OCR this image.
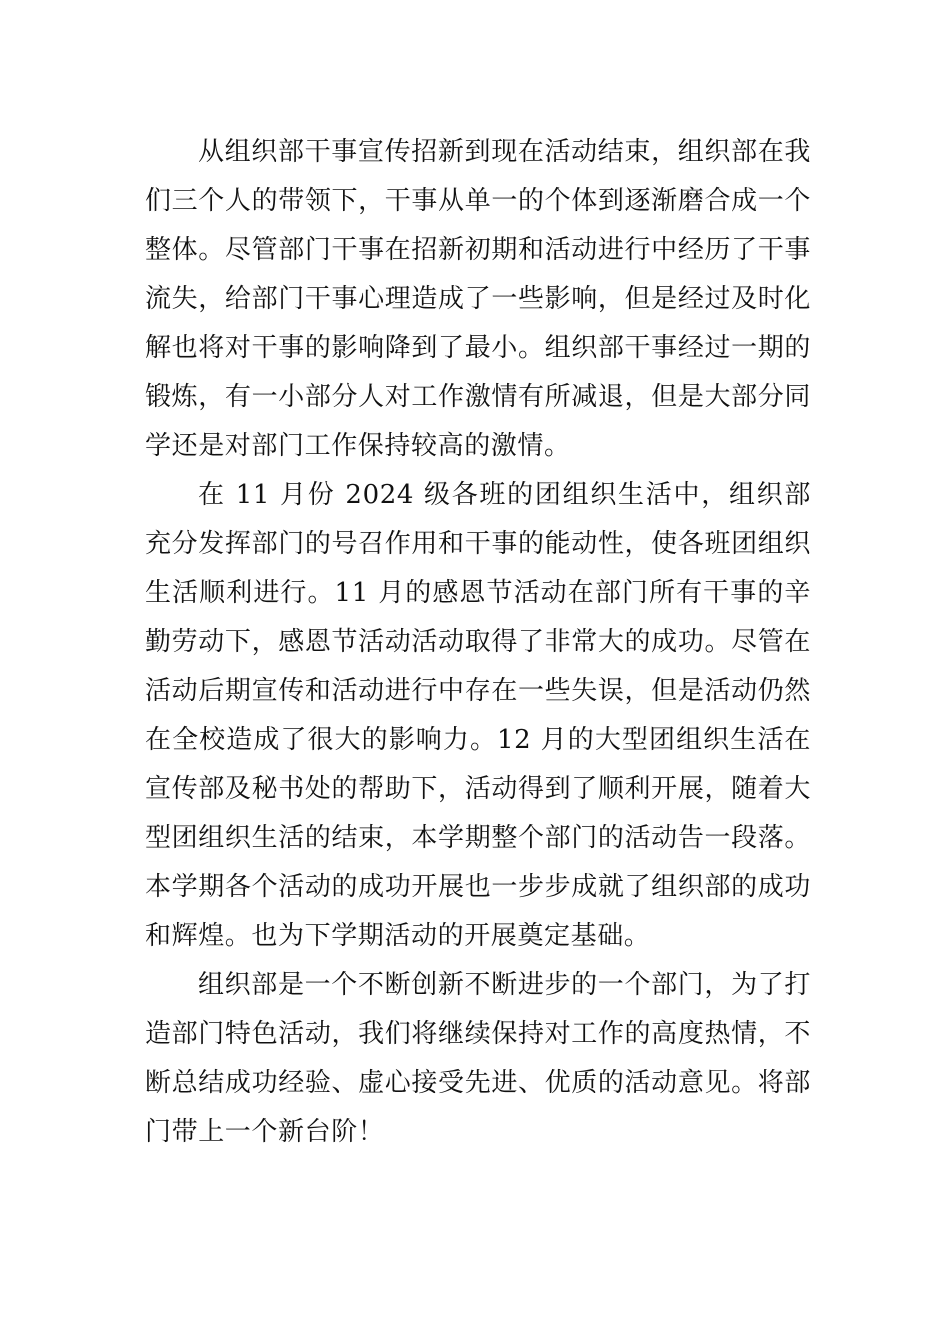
从组织部干事宣传招新到现在活动结束，组织部在我们三个人的带领下，干事从单一的个体到逐渐磨合成一个整体。尽管部门干事在招新初期和活动进行中经历了干事流失，给部门干事心理造成了一些影响，但是经过及时化解也将对干事的影响降到了最小。组织部干事经过一期的锻炼，有一小部分人对工作激情有所减退，但是大部分同学还是对部门工作保持较高的激情。

在 11 月份 2024 级各班的团组织生活中，组织部充分发挥部门的号召作用和干事的能动性，使各班团组织生活顺利进行。11 月的感恩节活动在部门所有干事的辛勤劳动下，感恩节活动活动取得了非常大的成功。尽管在活动后期宣传和活动进行中存在一些失误，但是活动仍然在全校造成了很大的影响力。12 月的大型团组织生活在宣传部及秘书处的帮助下，活动得到了顺利开展，随着大型团组织生活的结束，本学期整个部门的活动告一段落。本学期各个活动的成功开展也一步步成就了组织部的成功和辉煌。也为下学期活动的开展奠定基础。

组织部是一个不断创新不断进步的一个部门，为了打造部门特色活动，我们将继续保持对工作的高度热情，不断总结成功经验、虚心接受先进、优质的活动意见。将部门带上一个新台阶！
